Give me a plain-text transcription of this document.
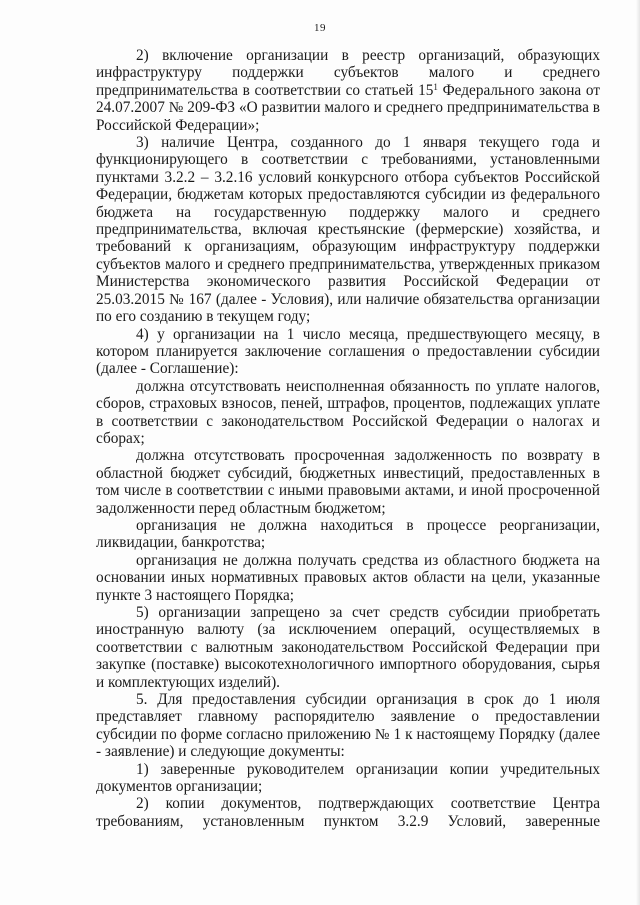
19

2) включение организации в реестр организаций, образующих инфраструктуру поддержки субъектов малого и среднего предпринимательства в соответствии со статьей $15^1$ Федерального закона от 24.07.2007 № 209-ФЗ «О развитии малого и среднего предпринимательства в Российской Федерации»;

3) наличие Центра, созданного до 1 января текущего года и функционирующего в соответствии с требованиями, установленными пунктами 3.2.2 – 3.2.16 условий конкурсного отбора субъектов Российской Федерации, бюджетам которых предоставляются субсидии из федерального бюджета на государственную поддержку малого и среднего предпринимательства, включая крестьянские (фермерские) хозяйства, и требований к организациям, образующим инфраструктуру поддержки субъектов малого и среднего предпринимательства, утвержденных приказом Министерства экономического развития Российской Федерации от 25.03.2015 № 167 (далее - Условия), или наличие обязательства организации по его созданию в текущем году;

4) у организации на 1 число месяца, предшествующего месяцу, в котором планируется заключение соглашения о предоставлении субсидии (далее - Соглашение):

должна отсутствовать неисполненная обязанность по уплате налогов, сборов, страховых взносов, пеней, штрафов, процентов, подлежащих уплате в соответствии с законодательством Российской Федерации о налогах и сборах;

должна отсутствовать просроченная задолженность по возврату в областной бюджет субсидий, бюджетных инвестиций, предоставленных в том числе в соответствии с иными правовыми актами, и иной просроченной задолженности перед областным бюджетом;

организация не должна находиться в процессе реорганизации, ликвидации, банкротства;

организация не должна получать средства из областного бюджета на основании иных нормативных правовых актов области на цели, указанные пункте 3 настоящего Порядка;

5) организации запрещено за счет средств субсидии приобретать иностранную валюту (за исключением операций, осуществляемых в соответствии с валютным законодательством Российской Федерации при закупке (поставке) высокотехнологичного импортного оборудования, сырья и комплектующих изделий).

5. Для предоставления субсидии организация в срок до 1 июля представляет главному распорядителю заявление о предоставлении субсидии по форме согласно приложению № 1 к настоящему Порядку (далее - заявление) и следующие документы:

1) заверенные руководителем организации копии учредительных документов организации;

2) копии документов, подтверждающих соответствие Центра требованиям, установленным пунктом 3.2.9 Условий, заверенные
